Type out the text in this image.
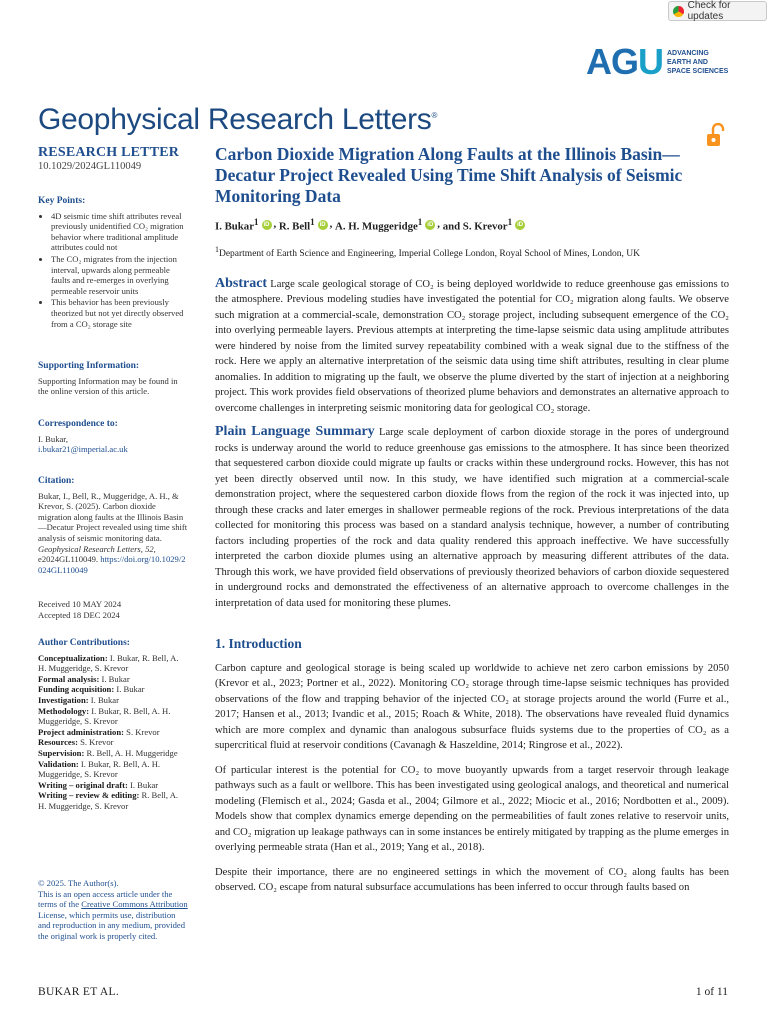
Check for updates
AGU ADVANCING
EARTH AND
SPACE SCIENCES
Geophysical Research Letters®
RESEARCH LETTER
10.1029/2024GL110049
Key Points:
• 4D seismic time shift attributes reveal previously unidentified CO₂ migration behavior where traditional amplitude attributes could not
• The CO₂ migrates from the injection interval, upwards along permeable faults and re-emerges in overlying permeable reservoir units
• This behavior has been previously theorized but not yet directly observed from a CO₂ storage site
Supporting Information:
Supporting Information may be found in the online version of this article.
Correspondence to:
I. Bukar,
i.bukar21@imperial.ac.uk
Citation:
Bukar, I., Bell, R., Muggeridge, A. H., & Krevor, S. (2025). Carbon dioxide migration along faults at the Illinois Basin—Decatur Project revealed using time shift analysis of seismic monitoring data. Geophysical Research Letters, 52, e2024GL110049. https://doi.org/10.1029/2024GL110049
Received 10 MAY 2024
Accepted 18 DEC 2024
Author Contributions:
Conceptualization: I. Bukar, R. Bell, A. H. Muggeridge, S. Krevor
Formal analysis: I. Bukar
Funding acquisition: I. Bukar
Investigation: I. Bukar
Methodology: I. Bukar, R. Bell, A. H. Muggeridge, S. Krevor
Project administration: S. Krevor
Resources: S. Krevor
Supervision: R. Bell, A. H. Muggeridge
Validation: I. Bukar, R. Bell, A. H. Muggeridge, S. Krevor
Writing – original draft: I. Bukar
Writing – review & editing: R. Bell, A. H. Muggeridge, S. Krevor
© 2025. The Author(s).
This is an open access article under the terms of the Creative Commons Attribution License, which permits use, distribution and reproduction in any medium, provided the original work is properly cited.
Carbon Dioxide Migration Along Faults at the Illinois Basin—Decatur Project Revealed Using Time Shift Analysis of Seismic Monitoring Data
I. Bukar$^1$ iD ,
R. Bell$^1$ iD ,
A. H. Muggeridge$^1$ iD ,
and S. Krevor$^1$ iD
$^1$Department of Earth Science and Engineering, Imperial College London, Royal School of Mines, London, UK
Abstract Large scale geological storage of CO₂ is being deployed worldwide to reduce greenhouse gas emissions to the atmosphere. Previous modeling studies have investigated the potential for CO₂ migration along faults. We observe such migration at a commercial-scale, demonstration CO₂ storage project, including subsequent emergence of the CO₂ into overlying permeable layers. Previous attempts at interpreting the time-lapse seismic data using amplitude attributes were hindered by noise from the limited survey repeatability combined with a weak signal due to the stiffness of the rock. Here we apply an alternative interpretation of the seismic data using time shift attributes, resulting in clear plume anomalies. In addition to migrating up the fault, we observe the plume diverted by the start of injection at a neighboring project. This work provides field observations of theorized plume behaviors and demonstrates an alternative approach to overcome challenges in interpreting seismic monitoring data for geological CO₂ storage.
Plain Language Summary Large scale deployment of carbon dioxide storage in the pores of underground rocks is underway around the world to reduce greenhouse gas emissions to the atmosphere. It has since been theorized that sequestered carbon dioxide could migrate up faults or cracks within these underground rocks. However, this has not yet been directly observed until now. In this study, we have identified such migration at a commercial-scale demonstration project, where the sequestered carbon dioxide flows from the region of the rock it was injected into, up through these cracks and later emerges in shallower permeable regions of the rock. Previous interpretations of the data collected for monitoring this process was based on a standard analysis technique, however, a number of contributing factors including properties of the rock and data quality rendered this approach ineffective. We have successfully interpreted the carbon dioxide plumes using an alternative approach by measuring different attributes of the data. Through this work, we have provided field observations of previously theorized behaviors of carbon dioxide sequestered in underground rocks and demonstrated the effectiveness of an alternative approach to overcome challenges in the interpretation of data used for monitoring these plumes.
1. Introduction
Carbon capture and geological storage is being scaled up worldwide to achieve net zero carbon emissions by 2050 (Krevor et al., 2023; Portner et al., 2022). Monitoring CO₂ storage through time-lapse seismic techniques has provided observations of the flow and trapping behavior of the injected CO₂ at storage projects around the world (Furre et al., 2017; Hansen et al., 2013; Ivandic et al., 2015; Roach & White, 2018). The observations have revealed fluid dynamics which are more complex and dynamic than analogous subsurface fluids systems due to the properties of CO₂ as a supercritical fluid at reservoir conditions (Cavanagh & Haszeldine, 2014; Ringrose et al., 2022).
Of particular interest is the potential for CO₂ to move buoyantly upwards from a target reservoir through leakage pathways such as a fault or wellbore. This has been investigated using geological analogs, and theoretical and numerical modeling (Flemisch et al., 2024; Gasda et al., 2004; Gilmore et al., 2022; Miocic et al., 2016; Nordbotten et al., 2009). Models show that complex dynamics emerge depending on the permeabilities of fault zones relative to reservoir units, and CO₂ migration up leakage pathways can in some instances be entirely mitigated by trapping as the plume emerges in overlying permeable strata (Han et al., 2019; Yang et al., 2018).
Despite their importance, there are no engineered settings in which the movement of CO₂ along faults has been observed. CO₂ escape from natural subsurface accumulations has been inferred to occur through faults based on
BUKAR ET AL.	1 of 11
